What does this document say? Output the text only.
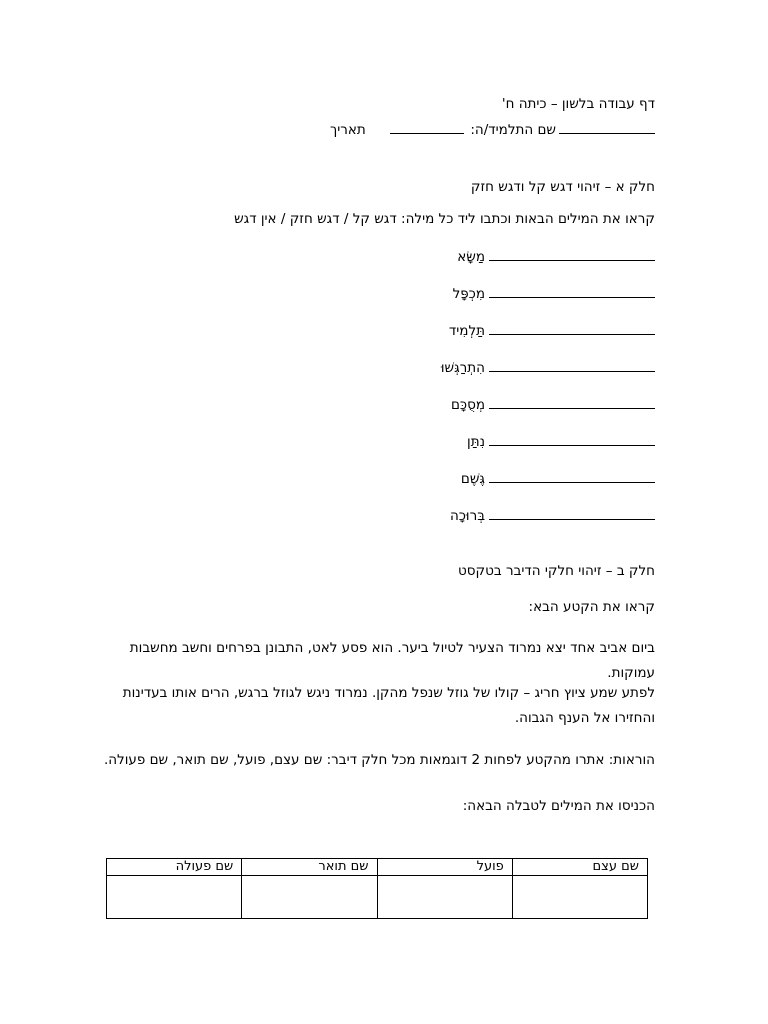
דף עבודה בלשון – כיתה ח'
שם התלמיד/ה:  תאריך
חלק א – זיהוי דגש קל ודגש חזק
קראו את המילים הבאות וכתבו ליד כל מילה: דגש קל / דגש חזק / אין דגש
מַשָּׂא
מִכְפָּל
תַּלְמִיד
הִתְרַגְּשׁוּ
מְסֻכָּם
נִתַּן
גֶּשֶׁם
בְּרוּכָה
חלק ב – זיהוי חלקי הדיבר בטקסט
קראו את הקטע הבא:
ביום אביב אחד יצא נמרוד הצעיר לטיול ביער. הוא פסע לאט, התבונן בפרחים וחשב מחשבות עמוקות.
לפתע שמע ציוץ חריג – קולו של גוזל שנפל מהקן. נמרוד ניגש לגוזל ברגש, הרים אותו בעדינות והחזירו אל הענף הגבוה.
הוראות: אתרו מהקטע לפחות 2 דוגמאות מכל חלק דיבר: שם עצם, פועל, שם תואר, שם פעולה.
הכניסו את המילים לטבלה הבאה:
שם עצם	פועל	שם תואר	שם פעולה
